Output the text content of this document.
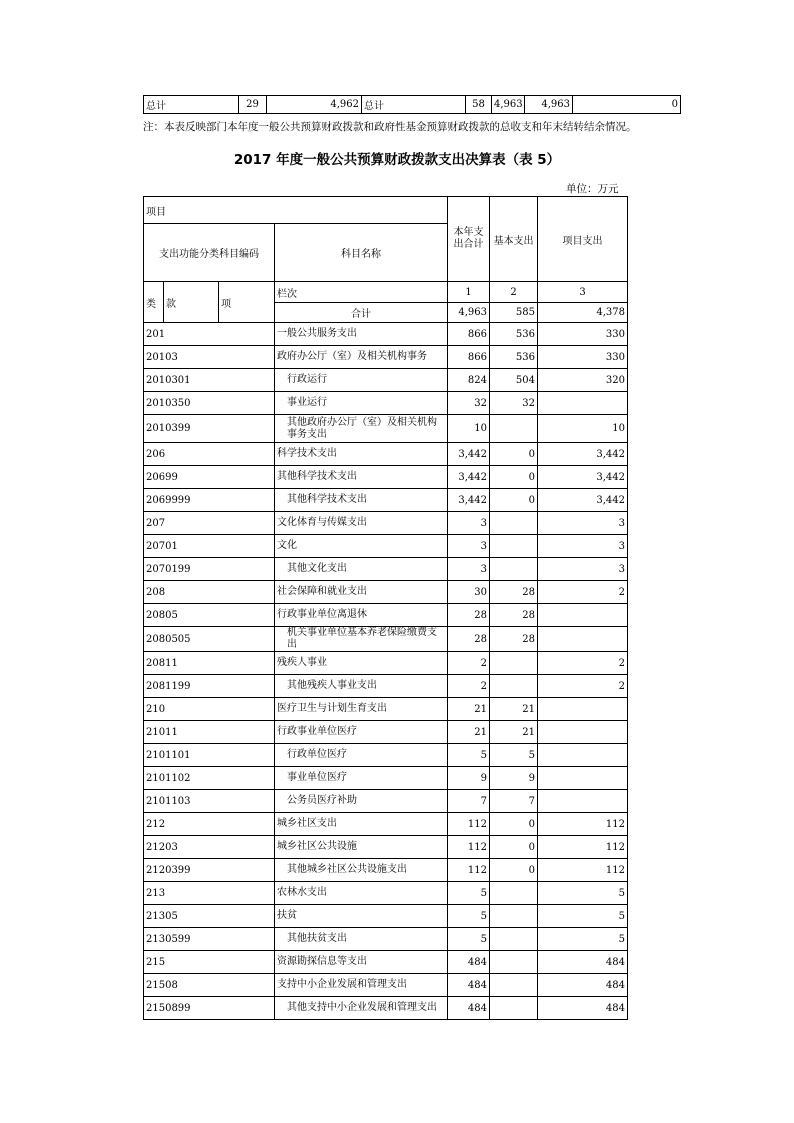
总计	29	4,962	总计	58	4,963	4,963	0
注：本表反映部门本年度一般公共预算财政拨款和政府性基金预算财政拨款的总收支和年末结转结余情况。
2017 年度一般公共预算财政拨款支出决算表（表 5）
单位：万元
项目				本年支出合计	基本支出	项目支出
支出功能分类科目编码			科目名称			
类	款	项	栏次	1	2	3
			合计	4,963	585	4,378
201			一般公共服务支出	866	536	330
20103			政府办公厅（室）及相关机构事务	866	536	330
2010301			行政运行	824	504	320
2010350			事业运行	32	32	
2010399			其他政府办公厅（室）及相关机构事务支出	10		10
206			科学技术支出	3,442	0	3,442
20699			其他科学技术支出	3,442	0	3,442
2069999			其他科学技术支出	3,442	0	3,442
207			文化体育与传媒支出	3		3
20701			文化	3		3
2070199			其他文化支出	3		3
208			社会保障和就业支出	30	28	2
20805			行政事业单位离退休	28	28	
2080505			机关事业单位基本养老保险缴费支出	28	28	
20811			残疾人事业	2		2
2081199			其他残疾人事业支出	2		2
210			医疗卫生与计划生育支出	21	21	
21011			行政事业单位医疗	21	21	
2101101			行政单位医疗	5	5	
2101102			事业单位医疗	9	9	
2101103			公务员医疗补助	7	7	
212			城乡社区支出	112	0	112
21203			城乡社区公共设施	112	0	112
2120399			其他城乡社区公共设施支出	112	0	112
213			农林水支出	5		5
21305			扶贫	5		5
2130599			其他扶贫支出	5		5
215			资源勘探信息等支出	484		484
21508			支持中小企业发展和管理支出	484		484
2150899			其他支持中小企业发展和管理支出	484		484
